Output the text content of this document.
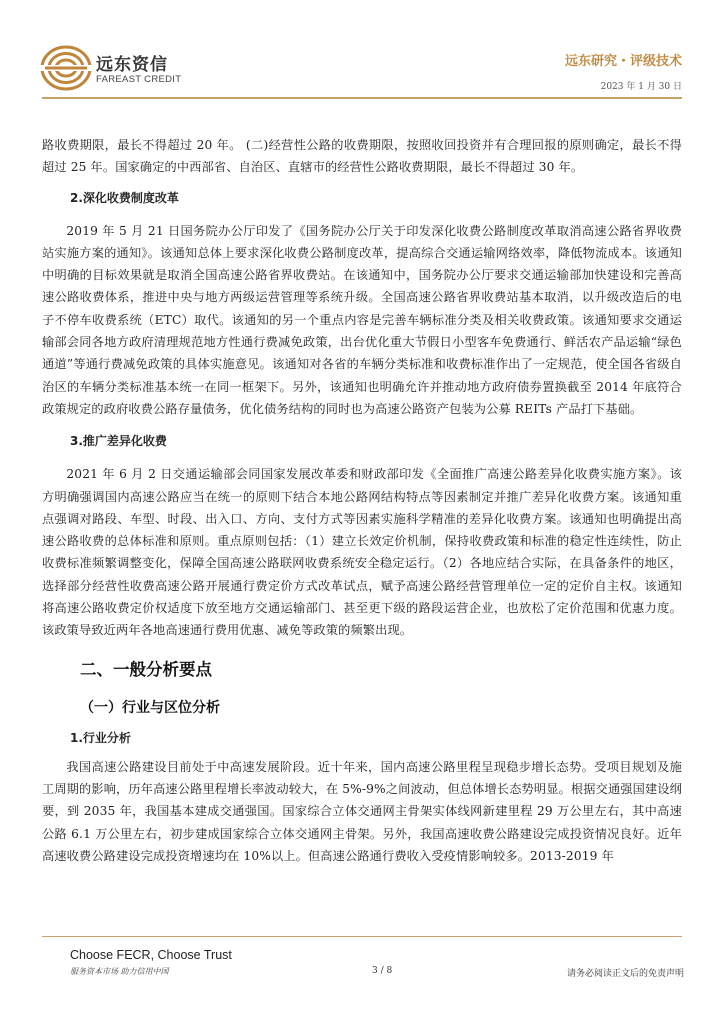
远东资信
FAREAST CREDIT
远东研究・评级技术
2023 年 1 月 30 日

路收费期限，最长不得超过 20 年。 (二)经营性公路的收费期限，按照收回投资并有合理回报的原则确定，最长不得超过 25 年。国家确定的中西部省、自治区、直辖市的经营性公路收费期限，最长不得超过 30 年。

2.深化收费制度改革

2019 年 5 月 21 日国务院办公厅印发了《国务院办公厅关于印发深化收费公路制度改革取消高速公路省界收费站实施方案的通知》。该通知总体上要求深化收费公路制度改革，提高综合交通运输网络效率，降低物流成本。该通知中明确的目标效果就是取消全国高速公路省界收费站。在该通知中，国务院办公厅要求交通运输部加快建设和完善高速公路收费体系，推进中央与地方两级运营管理等系统升级。全国高速公路省界收费站基本取消，以升级改造后的电子不停车收费系统（ETC）取代。该通知的另一个重点内容是完善车辆标准分类及相关收费政策。该通知要求交通运输部会同各地方政府清理规范地方性通行费减免政策，出台优化重大节假日小型客车免费通行、鲜活农产品运输“绿色通道”等通行费减免政策的具体实施意见。该通知对各省的车辆分类标准和收费标准作出了一定规范，使全国各省级自治区的车辆分类标准基本统一在同一框架下。另外，该通知也明确允许并推动地方政府债券置换截至 2014 年底符合政策规定的政府收费公路存量债务，优化债务结构的同时也为高速公路资产包装为公募 REITs 产品打下基础。

3.推广差异化收费

2021 年 6 月 2 日交通运输部会同国家发展改革委和财政部印发《全面推广高速公路差异化收费实施方案》。该方明确强调国内高速公路应当在统一的原则下结合本地公路网结构特点等因素制定并推广差异化收费方案。该通知重点强调对路段、车型、时段、出入口、方向、支付方式等因素实施科学精准的差异化收费方案。该通知也明确提出高速公路收费的总体标准和原则。重点原则包括：（1）建立长效定价机制，保持收费政策和标准的稳定性连续性，防止收费标准频繁调整变化，保障全国高速公路联网收费系统安全稳定运行。（2）各地应结合实际，在具备条件的地区，选择部分经营性收费高速公路开展通行费定价方式改革试点，赋予高速公路经营管理单位一定的定价自主权。该通知将高速公路收费定价权适度下放至地方交通运输部门、甚至更下级的路段运营企业，也放松了定价范围和优惠力度。该政策导致近两年各地高速通行费用优惠、减免等政策的频繁出现。

二、一般分析要点

（一）行业与区位分析

1.行业分析

我国高速公路建设目前处于中高速发展阶段。近十年来，国内高速公路里程呈现稳步增长态势。受项目规划及施工周期的影响，历年高速公路里程增长率波动较大，在 5%-9%之间波动，但总体增长态势明显。根据交通强国建设纲要，到 2035 年，我国基本建成交通强国。国家综合立体交通网主骨架实体线网新建里程 29 万公里左右，其中高速公路 6.1 万公里左右，初步建成国家综合立体交通网主骨架。另外，我国高速收费公路建设完成投资情况良好。近年高速收费公路建设完成投资增速均在 10%以上。但高速公路通行费收入受疫情影响较多。2013-2019 年

Choose FECR, Choose Trust
服务资本市场 助力信用中国	3 / 8	请务必阅读正文后的免责声明
